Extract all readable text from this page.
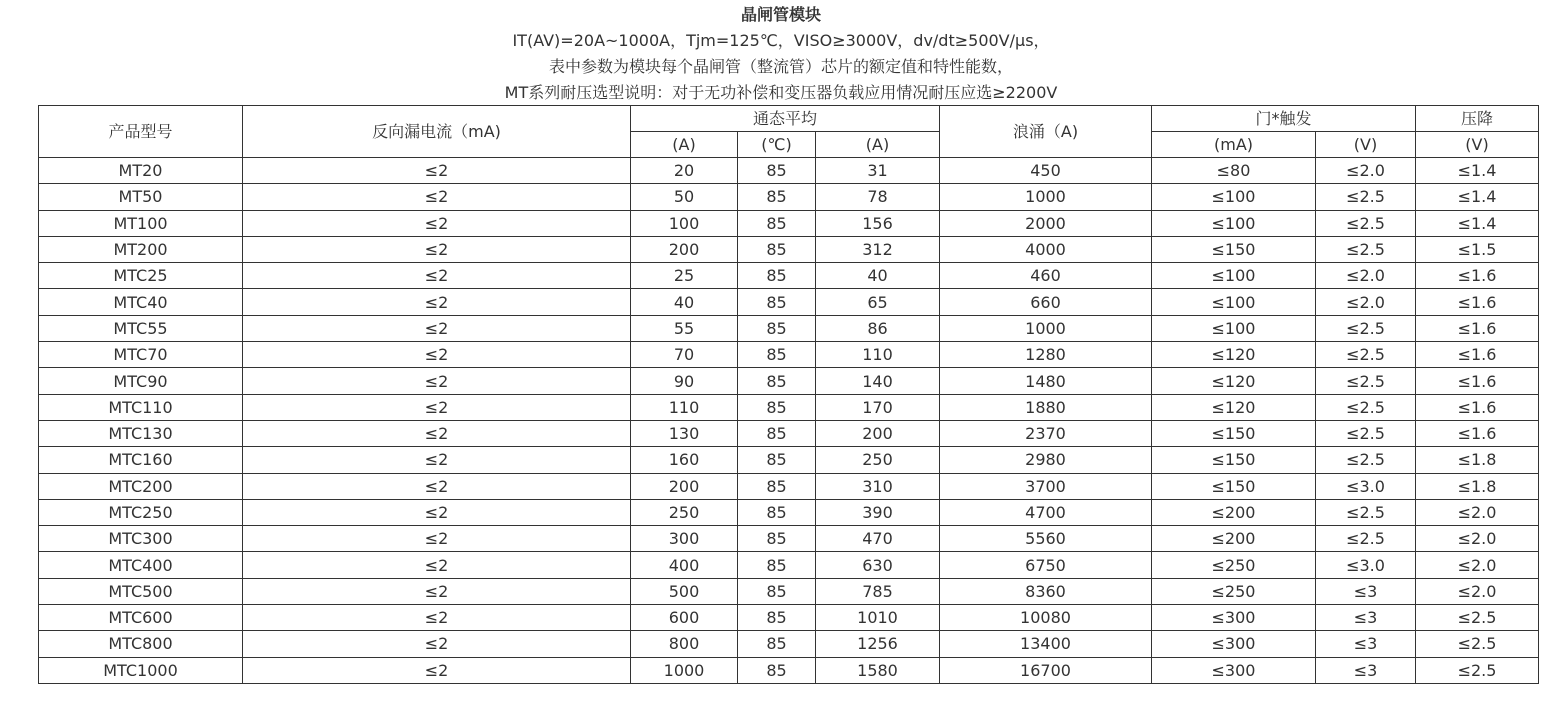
晶闸管模块
IT(AV)=20A~1000A，Tjm=125℃，VISO≥3000V，dv/dt≥500V/μs，
表中参数为模块每个晶闸管（整流管）芯片的额定值和特性能数，
MT系列耐压选型说明：对于无功补偿和变压器负载应用情况耐压应选≥2200V
产品型号	反向漏电流（mA)	通态平均			浪涌（A)	门*触发		压降
		(A)	(℃)	(A)		(mA)	(V)	(V)
MT20	≤2	20	85	31	450	≤80	≤2.0	≤1.4
MT50	≤2	50	85	78	1000	≤100	≤2.5	≤1.4
MT100	≤2	100	85	156	2000	≤100	≤2.5	≤1.4
MT200	≤2	200	85	312	4000	≤150	≤2.5	≤1.5
MTC25	≤2	25	85	40	460	≤100	≤2.0	≤1.6
MTC40	≤2	40	85	65	660	≤100	≤2.0	≤1.6
MTC55	≤2	55	85	86	1000	≤100	≤2.5	≤1.6
MTC70	≤2	70	85	110	1280	≤120	≤2.5	≤1.6
MTC90	≤2	90	85	140	1480	≤120	≤2.5	≤1.6
MTC110	≤2	110	85	170	1880	≤120	≤2.5	≤1.6
MTC130	≤2	130	85	200	2370	≤150	≤2.5	≤1.6
MTC160	≤2	160	85	250	2980	≤150	≤2.5	≤1.8
MTC200	≤2	200	85	310	3700	≤150	≤3.0	≤1.8
MTC250	≤2	250	85	390	4700	≤200	≤2.5	≤2.0
MTC300	≤2	300	85	470	5560	≤200	≤2.5	≤2.0
MTC400	≤2	400	85	630	6750	≤250	≤3.0	≤2.0
MTC500	≤2	500	85	785	8360	≤250	≤3	≤2.0
MTC600	≤2	600	85	1010	10080	≤300	≤3	≤2.5
MTC800	≤2	800	85	1256	13400	≤300	≤3	≤2.5
MTC1000	≤2	1000	85	1580	16700	≤300	≤3	≤2.5
